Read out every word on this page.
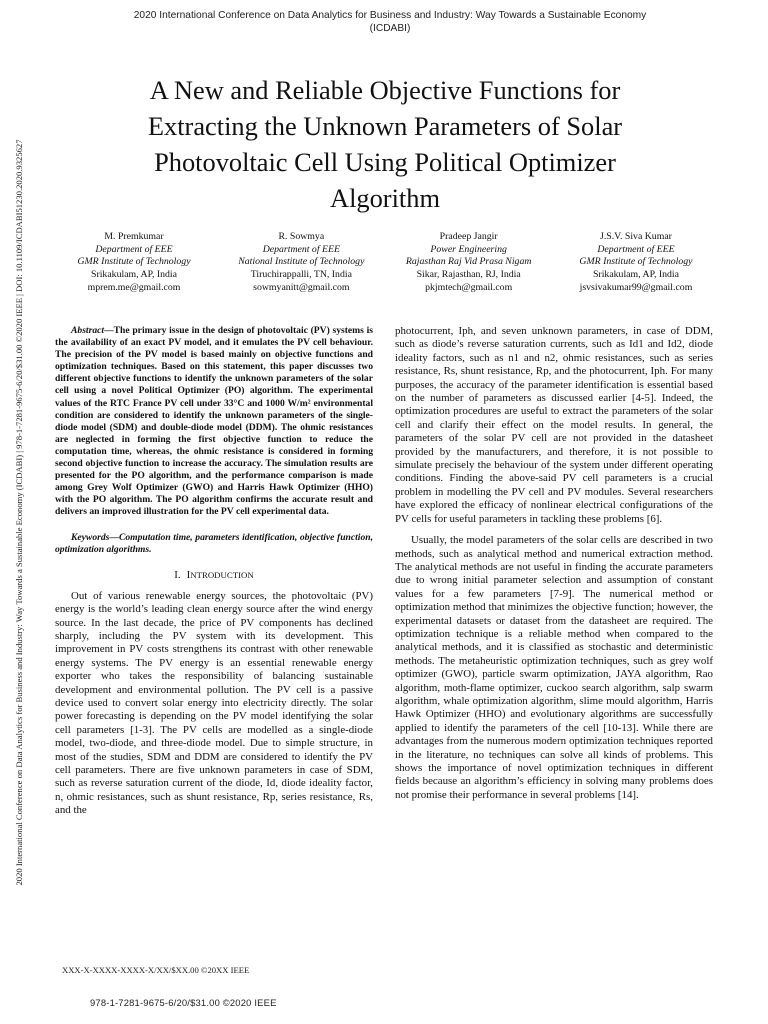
2020 International Conference on Data Analytics for Business and Industry: Way Towards a Sustainable Economy
(ICDABI)
2020 International Conference on Data Analytics for Business and Industry: Way Towards a Sustainable Economy (ICDABI) | 978-1-7281-9675-6/20/$31.00 ©2020 IEEE | DOI: 10.1109/ICDABI51230.2020.9325627
A New and Reliable Objective Functions for
Extracting the Unknown Parameters of Solar
Photovoltaic Cell Using Political Optimizer
Algorithm
M. Premkumar
Department of EEE
GMR Institute of Technology
Srikakulam, AP, India
mprem.me@gmail.com
R. Sowmya
Department of EEE
National Institute of Technology
Tiruchirappalli, TN, India
sowmyanitt@gmail.com
Pradeep Jangir
Power Engineering
Rajasthan Raj Vid Prasa Nigam
Sikar, Rajasthan, RJ, India
pkjmtech@gmail.com
J.S.V. Siva Kumar
Department of EEE
GMR Institute of Technology
Srikakulam, AP, India
jsvsivakumar99@gmail.com

Abstract—The primary issue in the design of photovoltaic (PV) systems is the availability of an exact PV model, and it emulates the PV cell behaviour. The precision of the PV model is based mainly on objective functions and optimization techniques. Based on this statement, this paper discusses two different objective functions to identify the unknown parameters of the solar cell using a novel Political Optimizer (PO) algorithm. The experimental values of the RTC France PV cell under 33°C and 1000 W/m² environmental condition are considered to identify the unknown parameters of the single-diode model (SDM) and double-diode model (DDM). The ohmic resistances are neglected in forming the first objective function to reduce the computation time, whereas, the ohmic resistance is considered in forming second objective function to increase the accuracy. The simulation results are presented for the PO algorithm, and the performance comparison is made among Grey Wolf Optimizer (GWO) and Harris Hawk Optimizer (HHO) with the PO algorithm. The PO algorithm confirms the accurate result and delivers an improved illustration for the PV cell experimental data.

Keywords—Computation time, parameters identification, objective function, optimization algorithms.

I. INTRODUCTION

Out of various renewable energy sources, the photovoltaic (PV) energy is the world’s leading clean energy source after the wind energy source. In the last decade, the price of PV components has declined sharply, including the PV system with its development. This improvement in PV costs strengthens its contrast with other renewable energy systems. The PV energy is an essential renewable energy exporter who takes the responsibility of balancing sustainable development and environmental pollution. The PV cell is a passive device used to convert solar energy into electricity directly. The solar power forecasting is depending on the PV model identifying the solar cell parameters [1-3]. The PV cells are modelled as a single-diode model, two-diode, and three-diode model. Due to simple structure, in most of the studies, SDM and DDM are considered to identify the PV cell parameters. There are five unknown parameters in case of SDM, such as reverse saturation current of the diode, Id, diode ideality factor, n, ohmic resistances, such as shunt resistance, Rp, series resistance, Rs, and the

photocurrent, Iph, and seven unknown parameters, in case of DDM, such as diode’s reverse saturation currents, such as Id1 and Id2, diode ideality factors, such as n1 and n2, ohmic resistances, such as series resistance, Rs, shunt resistance, Rp, and the photocurrent, Iph. For many purposes, the accuracy of the parameter identification is essential based on the number of parameters as discussed earlier [4-5]. Indeed, the optimization procedures are useful to extract the parameters of the solar cell and clarify their effect on the model results. In general, the parameters of the solar PV cell are not provided in the datasheet provided by the manufacturers, and therefore, it is not possible to simulate precisely the behaviour of the system under different operating conditions. Finding the above-said PV cell parameters is a crucial problem in modelling the PV cell and PV modules. Several researchers have explored the efficacy of nonlinear electrical configurations of the PV cells for useful parameters in tackling these problems [6].

Usually, the model parameters of the solar cells are described in two methods, such as analytical method and numerical extraction method. The analytical methods are not useful in finding the accurate parameters due to wrong initial parameter selection and assumption of constant values for a few parameters [7-9]. The numerical method or optimization method that minimizes the objective function; however, the experimental datasets or dataset from the datasheet are required. The optimization technique is a reliable method when compared to the analytical methods, and it is classified as stochastic and deterministic methods. The metaheuristic optimization techniques, such as grey wolf optimizer (GWO), particle swarm optimization, JAYA algorithm, Rao algorithm, moth-flame optimizer, cuckoo search algorithm, salp swarm algorithm, whale optimization algorithm, slime mould algorithm, Harris Hawk Optimizer (HHO) and evolutionary algorithms are successfully applied to identify the parameters of the cell [10-13]. While there are advantages from the numerous modern optimization techniques reported in the literature, no techniques can solve all kinds of problems. This shows the importance of novel optimization techniques in different fields because an algorithm’s efficiency in solving many problems does not promise their performance in several problems [14].

XXX-X-XXXX-XXXX-X/XX/$XX.00 ©20XX IEEE
978-1-7281-9675-6/20/$31.00 ©2020 IEEE
